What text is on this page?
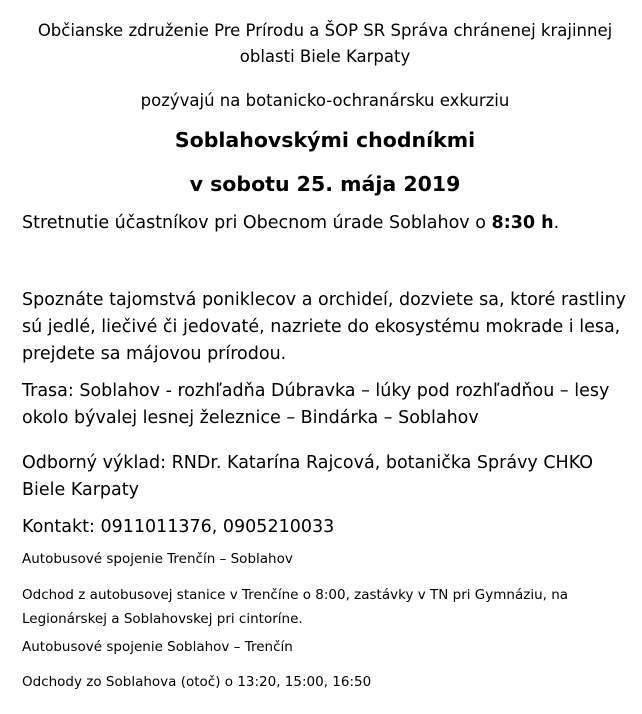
Občianske združenie Pre Prírodu a ŠOP SR Správa chránenej krajinnej oblasti Biele Karpaty
pozývajú na botanicko-ochranársku exkurziu
Soblahovskými chodníkmi
v sobotu 25. mája 2019
Stretnutie účastníkov pri Obecnom úrade Soblahov o 8:30 h.
Spoznáte tajomstvá poniklecov a orchideí, dozviete sa, ktoré rastliny sú jedlé, liečivé či jedovaté, nazriete do ekosystému mokrade i lesa, prejdete sa májovou prírodou.
Trasa: Soblahov - rozhľadňa Dúbravka – lúky pod rozhľadňou – lesy okolo bývalej lesnej železnice – Bindárka – Soblahov
Odborný výklad: RNDr. Katarína Rajcová, botanička Správy CHKO Biele Karpaty
Kontakt: 0911011376, 0905210033
Autobusové spojenie Trenčín – Soblahov
Odchod z autobusovej stanice v Trenčíne o 8:00, zastávky v TN pri Gymnáziu, na Legionárskej a Soblahovskej pri cintoríne.
Autobusové spojenie Soblahov – Trenčín
Odchody zo Soblahova (otoč) o 13:20, 15:00, 16:50
